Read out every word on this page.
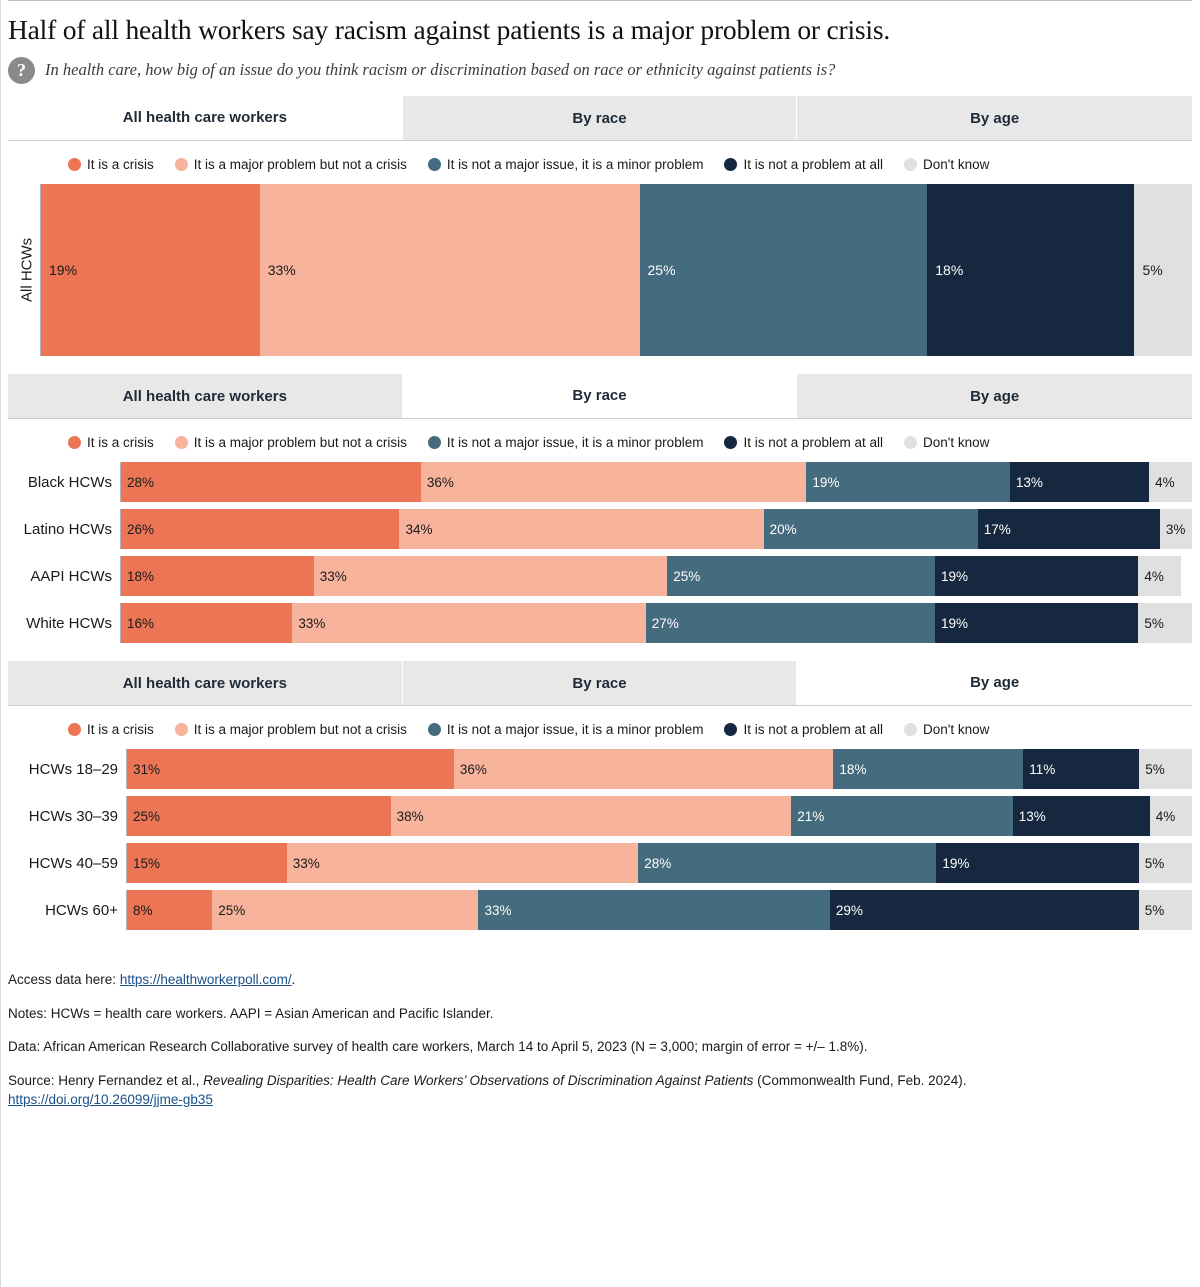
Half of all health workers say racism against patients is a major problem or crisis.
?	In health care, how big of an issue do you think racism or discrimination based on race or ethnicity against patients is?
All health care workers	By race	By age
It is a crisis	It is a major problem but not a crisis	It is not a major issue, it is a minor problem	It is not a problem at all	Don't know
All HCWs 19%	33%	25%	18%	5%
All health care workers	By race	By age
It is a crisis	It is a major problem but not a crisis	It is not a major issue, it is a minor problem	It is not a problem at all	Don't know
Black HCWs	28%	36%	19%	13%	4%
Latino HCWs	26%	34%	20%	17%	3%
AAPI HCWs	18%	33%	25%	19%	4%
White HCWs	16%	33%	27%	19%	5%
All health care workers	By race	By age
It is a crisis	It is a major problem but not a crisis	It is not a major issue, it is a minor problem	It is not a problem at all	Don't know
HCWs 18–29	31%	36%	18%	11%	5%
HCWs 30–39	25%	38%	21%	13%	4%
HCWs 40–59	15%	33%	28%	19%	5%
HCWs 60+	8%	25%	33%	29%	5%
Access data here: https://healthworkerpoll.com/.
Notes: HCWs = health care workers. AAPI = Asian American and Pacific Islander.
Data: African American Research Collaborative survey of health care workers, March 14 to April 5, 2023 (N = 3,000; margin of error = +/– 1.8%).
Source: Henry Fernandez et al., Revealing Disparities: Health Care Workers’ Observations of Discrimination Against Patients (Commonwealth Fund, Feb. 2024).
https://doi.org/10.26099/jjme-gb35
